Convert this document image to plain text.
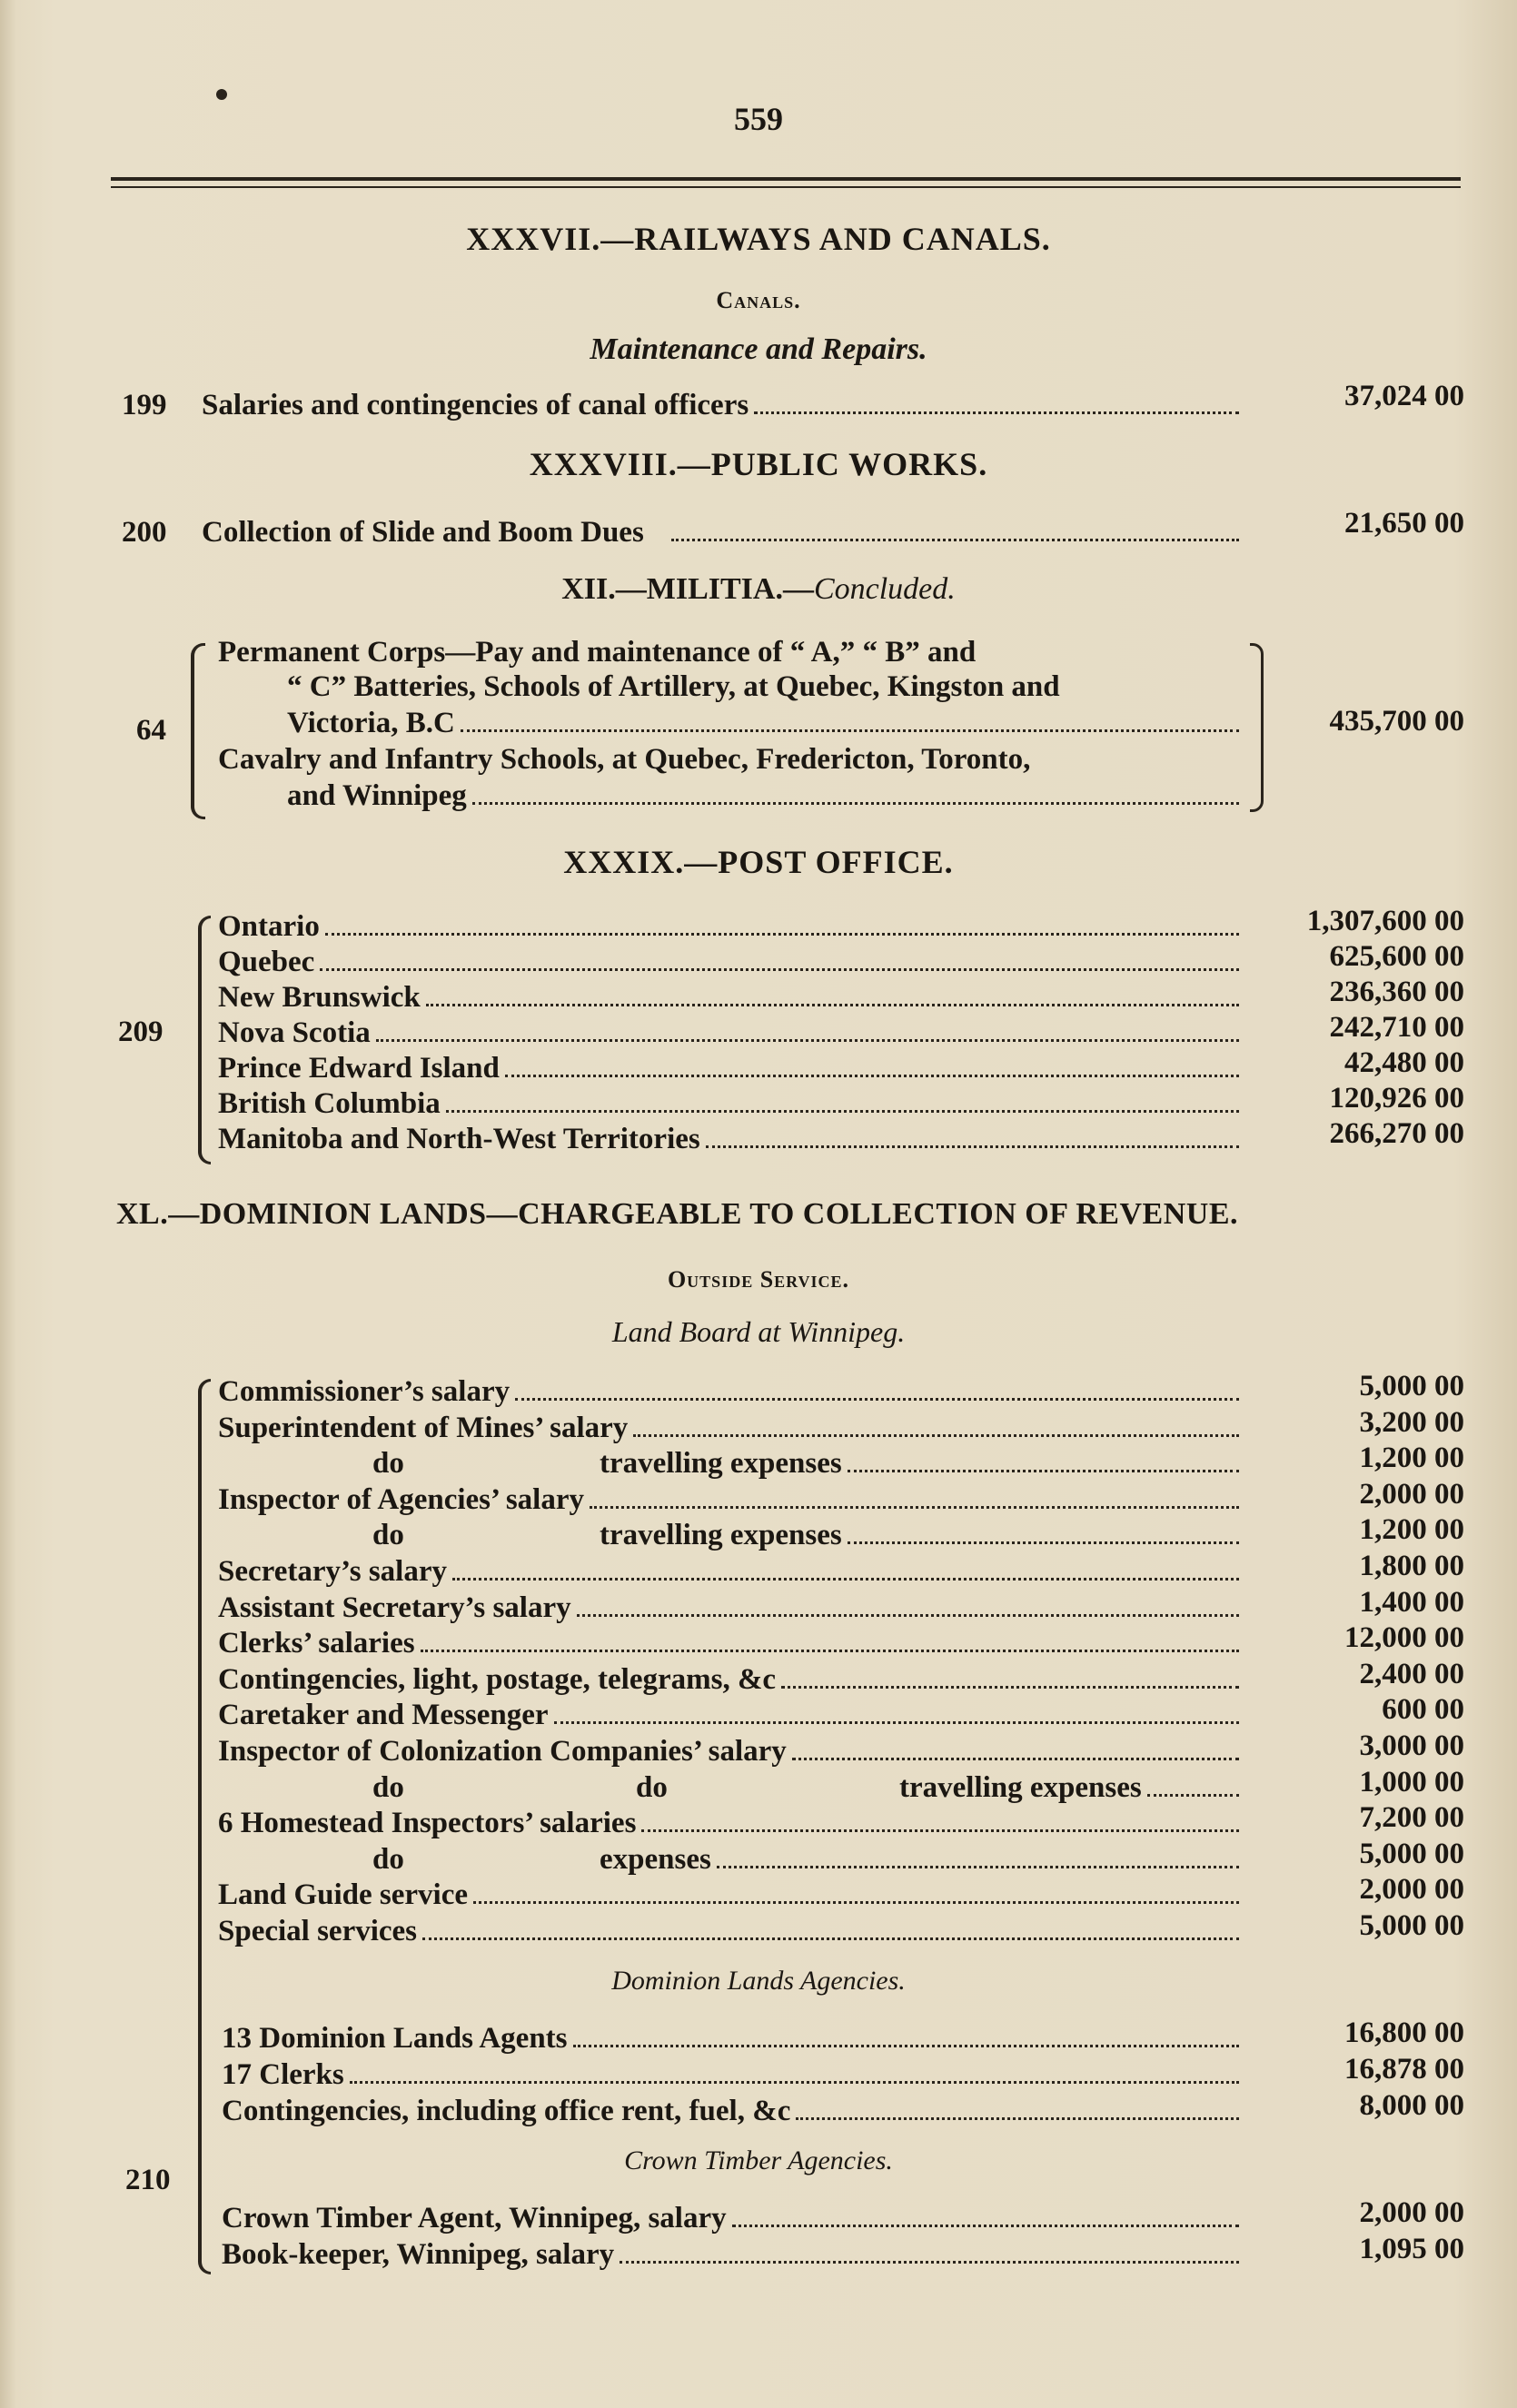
559
XXXVII.—RAILWAYS AND CANALS.
Canals.
Maintenance and Repairs.
199 Salaries and contingencies of canal officers	37,024 00
XXXVIII.—PUBLIC WORKS.
200 Collection of Slide and Boom Dues	21,650 00
XII.—MILITIA.—Concluded.
64
Permanent Corps—Pay and maintenance of “ A,” “ B” and
“ C” Batteries, Schools of Artillery, at Quebec, Kingston and
Victoria, B.C
Cavalry and Infantry Schools, at Quebec, Fredericton, Toronto,
and Winnipeg
435,700 00
XXXIX.—POST OFFICE.
209
Ontario	1,307,600 00
Quebec	625,600 00
New Brunswick	236,360 00
Nova Scotia	242,710 00
Prince Edward Island	42,480 00
British Columbia	120,926 00
Manitoba and North-West Territories	266,270 00
XL.—DOMINION LANDS—CHARGEABLE TO COLLECTION OF REVENUE.
Outside Service.
Land Board at Winnipeg.
Commissioner’s salary	5,000 00
Superintendent of Mines’ salary	3,200 00
do	travelling expenses	1,200 00
Inspector of Agencies’ salary	2,000 00
do	travelling expenses	1,200 00
Secretary’s salary	1,800 00
Assistant Secretary’s salary	1,400 00
Clerks’ salaries	12,000 00
Contingencies, light, postage, telegrams, &c	2,400 00
Caretaker and Messenger	600 00
Inspector of Colonization Companies’ salary	3,000 00
do	do	travelling expenses	1,000 00
6 Homestead Inspectors’ salaries	7,200 00
do	expenses	5,000 00
Land Guide service	2,000 00
Special services	5,000 00
Dominion Lands Agencies.
13 Dominion Lands Agents	16,800 00
17 Clerks	16,878 00
Contingencies, including office rent, fuel, &c	8,000 00
210
Crown Timber Agencies.
Crown Timber Agent, Winnipeg, salary	2,000 00
Book-keeper, Winnipeg, salary	1,095 00
